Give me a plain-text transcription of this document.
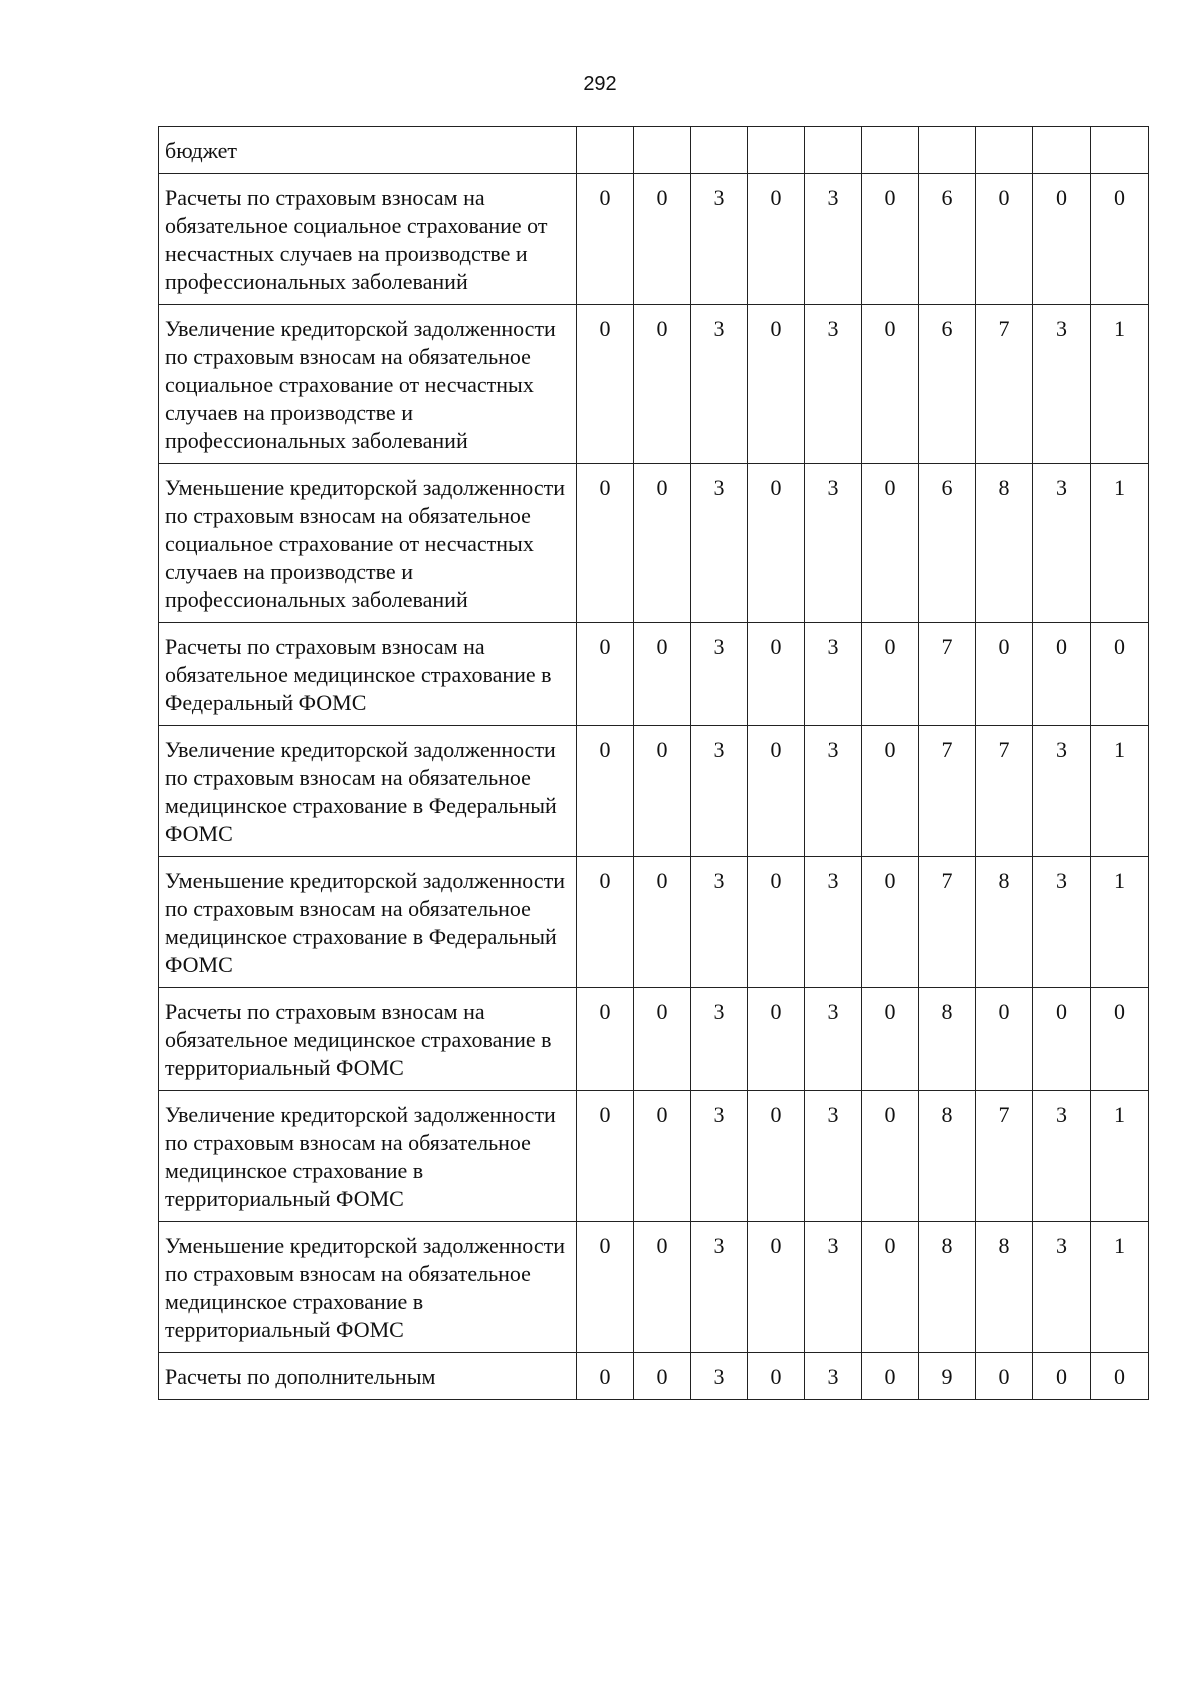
292
бюджет										
Расчеты по страховым взносам на обязательное социальное страхование от несчастных случаев на производстве и профессиональных заболеваний	0	0	3	0	3	0	6	0	0	0
Увеличение кредиторской задолженности по страховым взносам на обязательное социальное страхование от несчастных случаев на производстве и профессиональных заболеваний	0	0	3	0	3	0	6	7	3	1
Уменьшение кредиторской задолженности по страховым взносам на обязательное социальное страхование от несчастных случаев на производстве и профессиональных заболеваний	0	0	3	0	3	0	6	8	3	1
Расчеты по страховым взносам на обязательное медицинское страхование в Федеральный ФОМС	0	0	3	0	3	0	7	0	0	0
Увеличение кредиторской задолженности по страховым взносам на обязательное медицинское страхование в Федеральный ФОМС	0	0	3	0	3	0	7	7	3	1
Уменьшение кредиторской задолженности по страховым взносам на обязательное медицинское страхование в Федеральный ФОМС	0	0	3	0	3	0	7	8	3	1
Расчеты по страховым взносам на обязательное медицинское страхование в территориальный ФОМС	0	0	3	0	3	0	8	0	0	0
Увеличение кредиторской задолженности по страховым взносам на обязательное медицинское страхование в территориальный ФОМС	0	0	3	0	3	0	8	7	3	1
Уменьшение кредиторской задолженности по страховым взносам на обязательное медицинское страхование в территориальный ФОМС	0	0	3	0	3	0	8	8	3	1
Расчеты по дополнительным	0	0	3	0	3	0	9	0	0	0
